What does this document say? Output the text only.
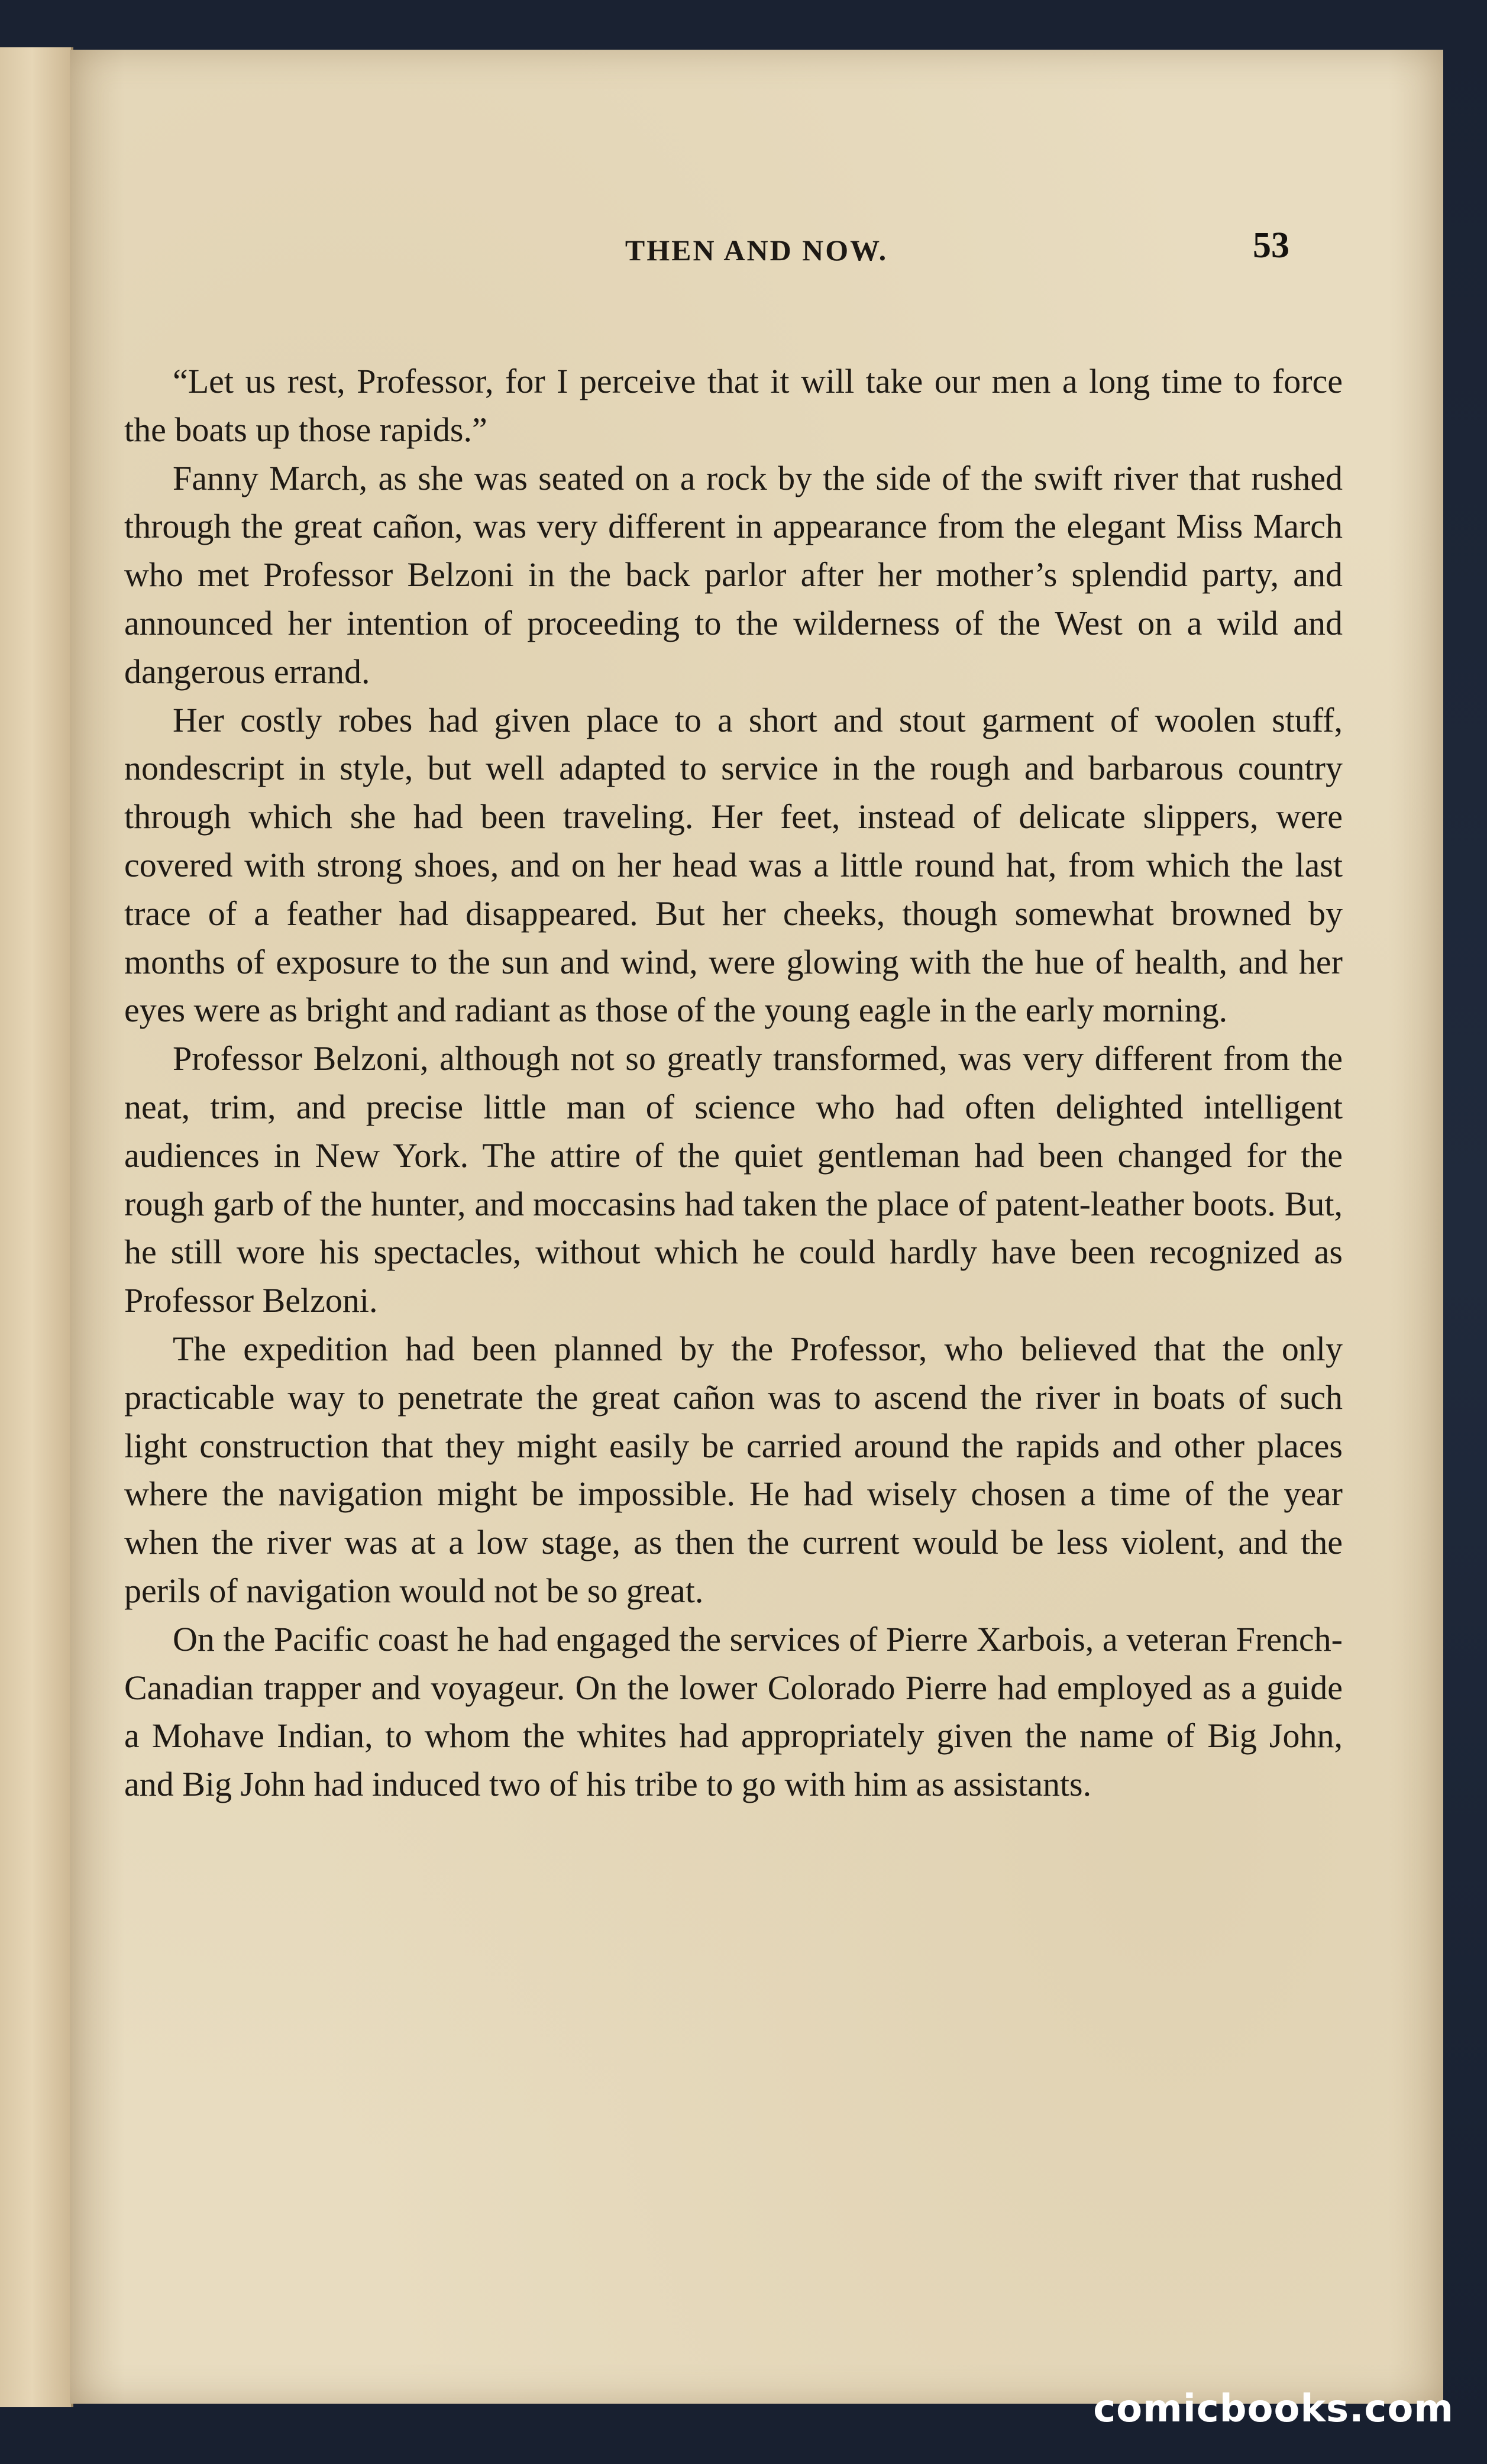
THEN AND NOW.	53

“Let us rest, Professor, for I perceive that it will take our men a long time to force the boats up those rapids.”

Fanny March, as she was seated on a rock by the side of the swift river that rushed through the great cañon, was very different in appearance from the elegant Miss March who met Professor Belzoni in the back parlor after her mother’s splendid party, and announced her intention of proceeding to the wilderness of the West on a wild and dangerous errand.

Her costly robes had given place to a short and stout garment of woolen stuff, nondescript in style, but well adapted to service in the rough and barbarous country through which she had been traveling. Her feet, instead of delicate slippers, were covered with strong shoes, and on her head was a little round hat, from which the last trace of a feather had disappeared. But her cheeks, though somewhat browned by months of exposure to the sun and wind, were glowing with the hue of health, and her eyes were as bright and radiant as those of the young eagle in the early morning.

Professor Belzoni, although not so greatly transformed, was very different from the neat, trim, and precise little man of science who had often delighted intelligent audiences in New York. The attire of the quiet gentleman had been changed for the rough garb of the hunter, and moccasins had taken the place of patent-leather boots. But, he still wore his spectacles, without which he could hardly have been recognized as Professor Belzoni.

The expedition had been planned by the Professor, who believed that the only practicable way to penetrate the great cañon was to ascend the river in boats of such light construction that they might easily be carried around the rapids and other places where the navigation might be impossible. He had wisely chosen a time of the year when the river was at a low stage, as then the current would be less violent, and the perils of navigation would not be so great.

On the Pacific coast he had engaged the services of Pierre Xarbois, a veteran French-Canadian trapper and voyageur. On the lower Colorado Pierre had employed as a guide a Mohave Indian, to whom the whites had appropriately given the name of Big John, and Big John had induced two of his tribe to go with him as assistants.

comicbooks.com
